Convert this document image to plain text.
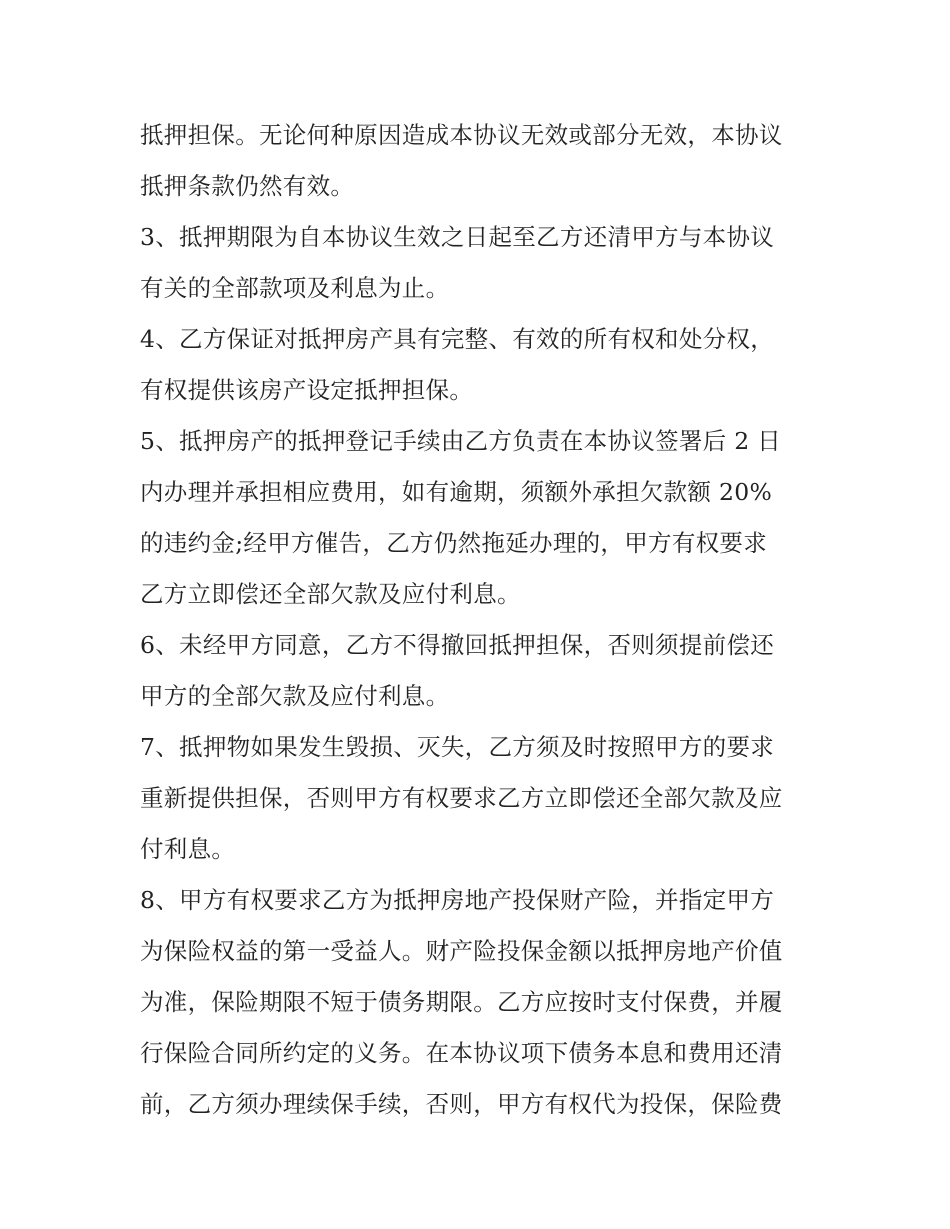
抵押担保。无论何种原因造成本协议无效或部分无效，本协议
抵押条款仍然有效。
3、抵押期限为自本协议生效之日起至乙方还清甲方与本协议
有关的全部款项及利息为止。
4、乙方保证对抵押房产具有完整、有效的所有权和处分权，
有权提供该房产设定抵押担保。
5、抵押房产的抵押登记手续由乙方负责在本协议签署后 2 日
内办理并承担相应费用，如有逾期，须额外承担欠款额 20%
的违约金;经甲方催告，乙方仍然拖延办理的，甲方有权要求
乙方立即偿还全部欠款及应付利息。
6、未经甲方同意，乙方不得撤回抵押担保，否则须提前偿还
甲方的全部欠款及应付利息。
7、抵押物如果发生毁损、灭失，乙方须及时按照甲方的要求
重新提供担保，否则甲方有权要求乙方立即偿还全部欠款及应
付利息。
8、甲方有权要求乙方为抵押房地产投保财产险，并指定甲方
为保险权益的第一受益人。财产险投保金额以抵押房地产价值
为准，保险期限不短于债务期限。乙方应按时支付保费，并履
行保险合同所约定的义务。在本协议项下债务本息和费用还清
前，乙方须办理续保手续，否则，甲方有权代为投保，保险费
